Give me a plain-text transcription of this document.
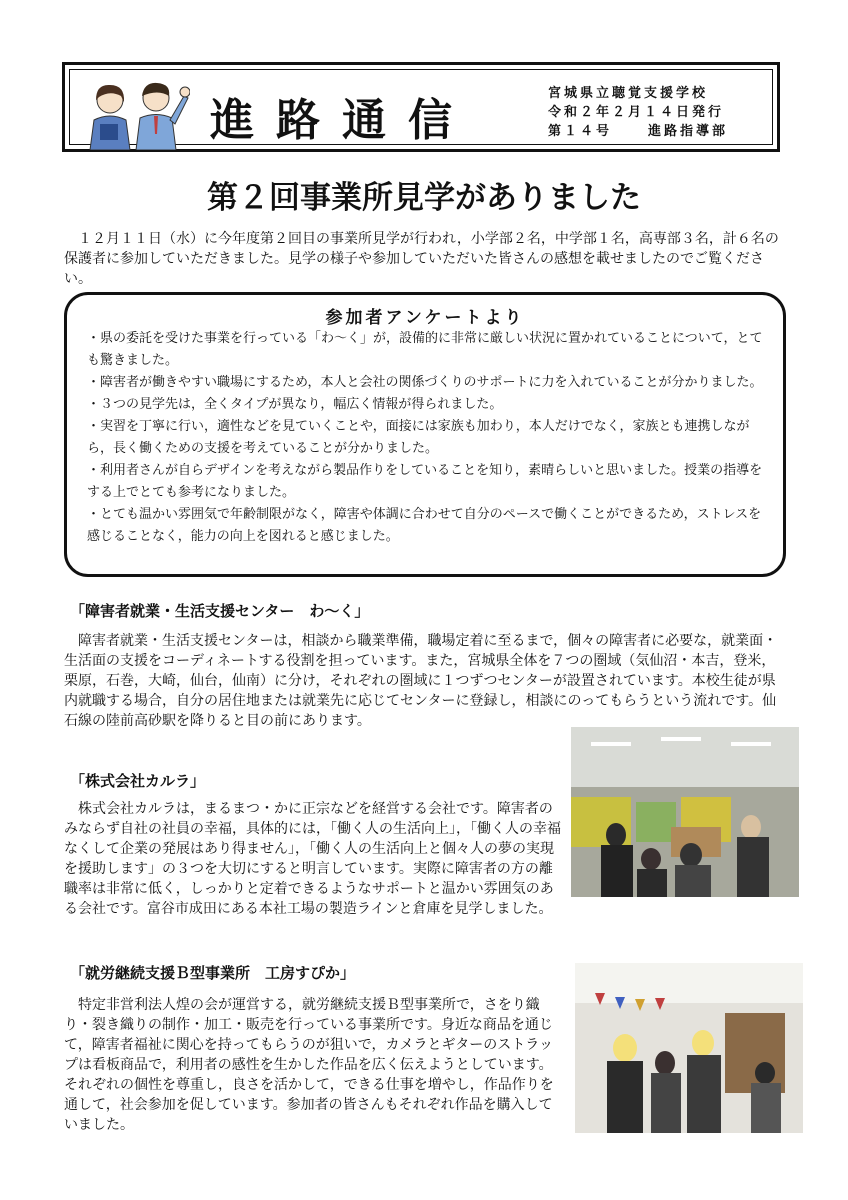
進路通信
宮城県立聴覚支援学校
令和２年２月１４日発行
第１４号	進路指導部
第２回事業所見学がありました

　１２月１１日（水）に今年度第２回目の事業所見学が行われ，小学部２名，中学部１名，高専部３名，計６名の保護者に参加していただきました。見学の様子や参加していただいた皆さんの感想を載せましたのでご覧ください。

参加者アンケートより
・県の委託を受けた事業を行っている「わ〜く」が，設備的に非常に厳しい状況に置かれていることについて，とても驚きました。
・障害者が働きやすい職場にするため，本人と会社の関係づくりのサポートに力を入れていることが分かりました。
・３つの見学先は，全くタイプが異なり，幅広く情報が得られました。
・実習を丁寧に行い，適性などを見ていくことや，面接には家族も加わり，本人だけでなく，家族とも連携しながら，長く働くための支援を考えていることが分かりました。
・利用者さんが自らデザインを考えながら製品作りをしていることを知り，素晴らしいと思いました。授業の指導をする上でとても参考になりました。
・とても温かい雰囲気で年齢制限がなく，障害や体調に合わせて自分のペースで働くことができるため，ストレスを感じることなく，能力の向上を図れると感じました。
「障害者就業・生活支援センター　わ〜く」

　障害者就業・生活支援センターは，相談から職業準備，職場定着に至るまで，個々の障害者に必要な，就業面・生活面の支援をコーディネートする役割を担っています。また，宮城県全体を７つの圏域（気仙沼・本吉，登米，栗原，石巻，大崎，仙台，仙南）に分け，それぞれの圏域に１つずつセンターが設置されています。本校生徒が県内就職する場合，自分の居住地または就業先に応じてセンターに登録し，相談にのってもらうという流れです。仙石線の陸前高砂駅を降りると目の前にあります。

「株式会社カルラ」

　株式会社カルラは，まるまつ・かに正宗などを経営する会社です。障害者のみならず自社の社員の幸福，具体的には，「働く人の生活向上」，「働く人の幸福なくして企業の発展はあり得ません」，「働く人の生活向上と個々人の夢の実現を援助します」の３つを大切にすると明言しています。実際に障害者の方の離職率は非常に低く，しっかりと定着できるようなサポートと温かい雰囲気のある会社です。富谷市成田にある本社工場の製造ラインと倉庫を見学しました。

「就労継続支援Ｂ型事業所　工房すぴか」

　特定非営利法人煌の会が運営する，就労継続支援Ｂ型事業所で，さをり織り・裂き織りの制作・加工・販売を行っている事業所です。身近な商品を通じて，障害者福祉に関心を持ってもらうのが狙いで，カメラとギターのストラップは看板商品で，利用者の感性を生かした作品を広く伝えようとしています。それぞれの個性を尊重し，良さを活かして，できる仕事を増やし，作品作りを通して，社会参加を促しています。参加者の皆さんもそれぞれ作品を購入していました。
